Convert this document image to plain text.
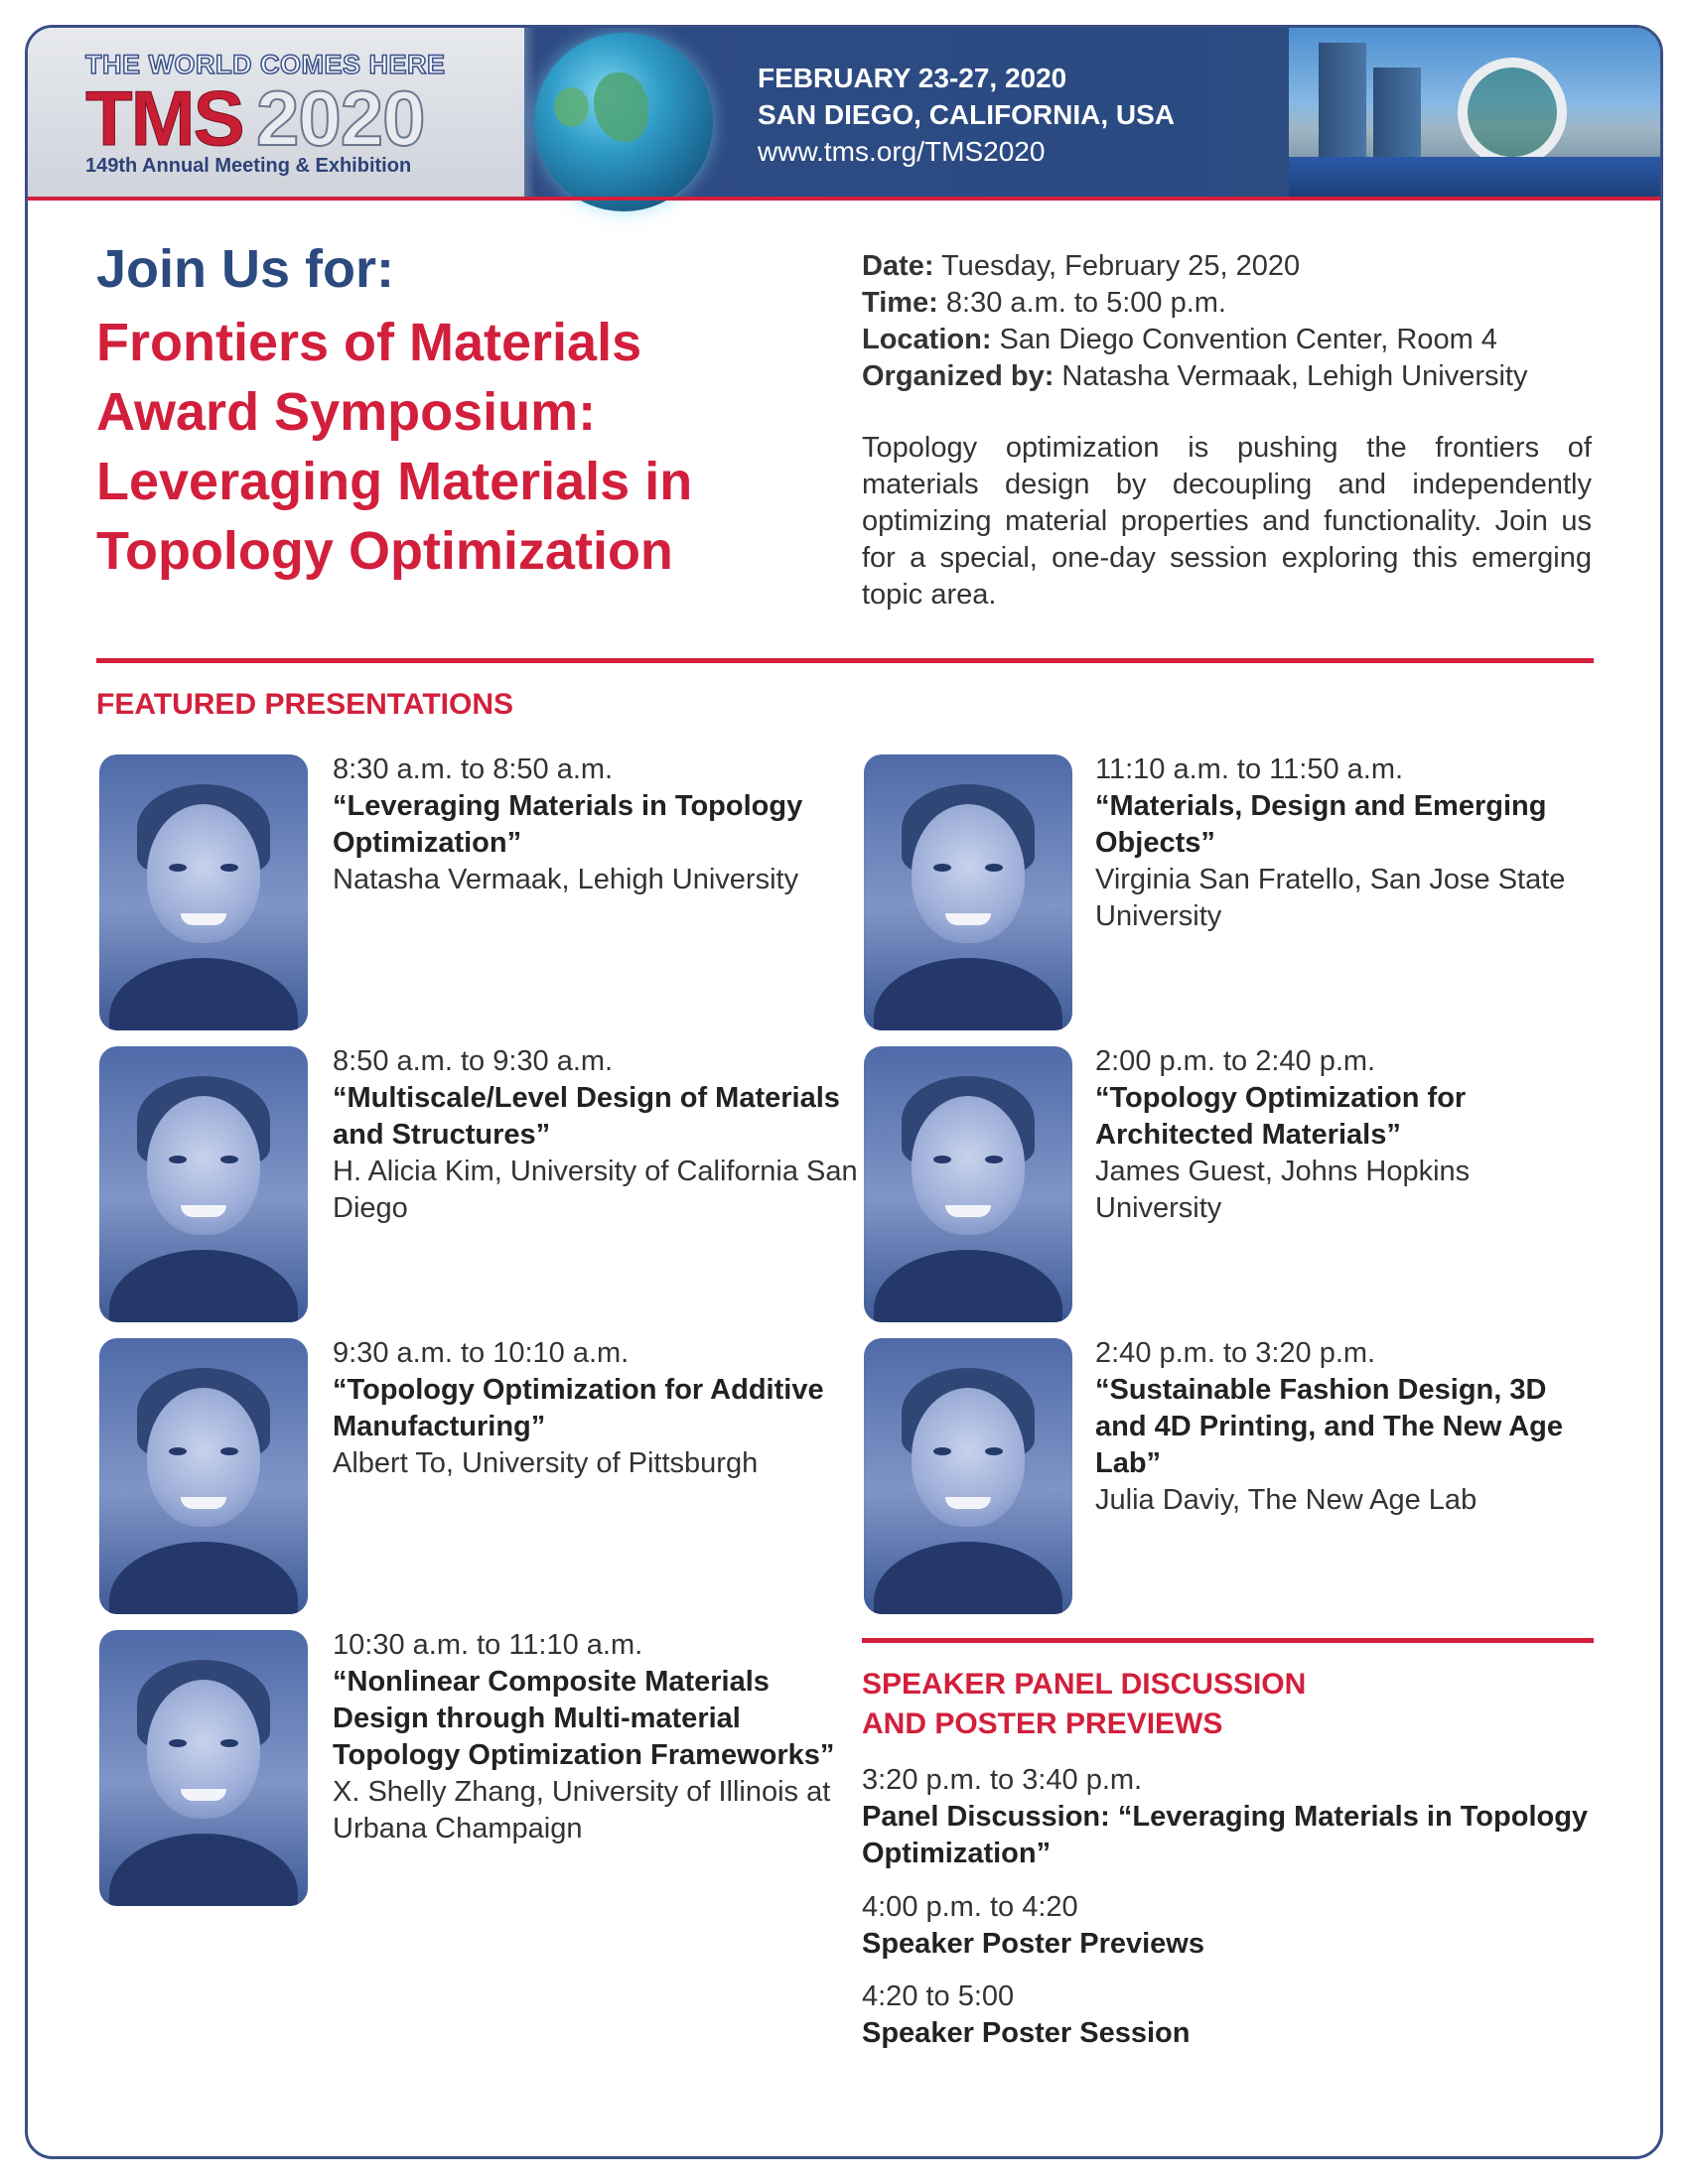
THE WORLD COMES HERE
TMS 2020
149th Annual Meeting & Exhibition
FEBRUARY 23-27, 2020
SAN DIEGO, CALIFORNIA, USA
www.tms.org/TMS2020
Join Us for:
Frontiers of Materials Award Symposium: Leveraging Materials in Topology Optimization
Date: Tuesday, February 25, 2020
Time: 8:30 a.m. to 5:00 p.m.
Location: San Diego Convention Center, Room 4
Organized by: Natasha Vermaak, Lehigh University
Topology optimization is pushing the frontiers of materials design by decoupling and independently optimizing material properties and functionality. Join us for a special, one-day session exploring this emerging topic area.
FEATURED PRESENTATIONS
8:30 a.m. to 8:50 a.m.
“Leveraging Materials in Topology Optimization”
Natasha Vermaak, Lehigh University
8:50 a.m. to 9:30 a.m.
“Multiscale/Level Design of Materials and Structures”
H. Alicia Kim, University of California San Diego
9:30 a.m. to 10:10 a.m.
“Topology Optimization for Additive Manufacturing”
Albert To, University of Pittsburgh
10:30 a.m. to 11:10 a.m.
“Nonlinear Composite Materials Design through Multi-material Topology Optimization Frameworks”
X. Shelly Zhang, University of Illinois at Urbana Champaign
11:10 a.m. to 11:50 a.m.
“Materials, Design and Emerging Objects”
Virginia San Fratello, San Jose State University
2:00 p.m. to 2:40 p.m.
“Topology Optimization for Architected Materials”
James Guest, Johns Hopkins University
2:40 p.m. to 3:20 p.m.
“Sustainable Fashion Design, 3D and 4D Printing, and The New Age Lab”
Julia Daviy, The New Age Lab
SPEAKER PANEL DISCUSSION
AND POSTER PREVIEWS
3:20 p.m. to 3:40 p.m.
Panel Discussion: “Leveraging Materials in Topology Optimization”
4:00 p.m. to 4:20
Speaker Poster Previews
4:20 to 5:00
Speaker Poster Session
